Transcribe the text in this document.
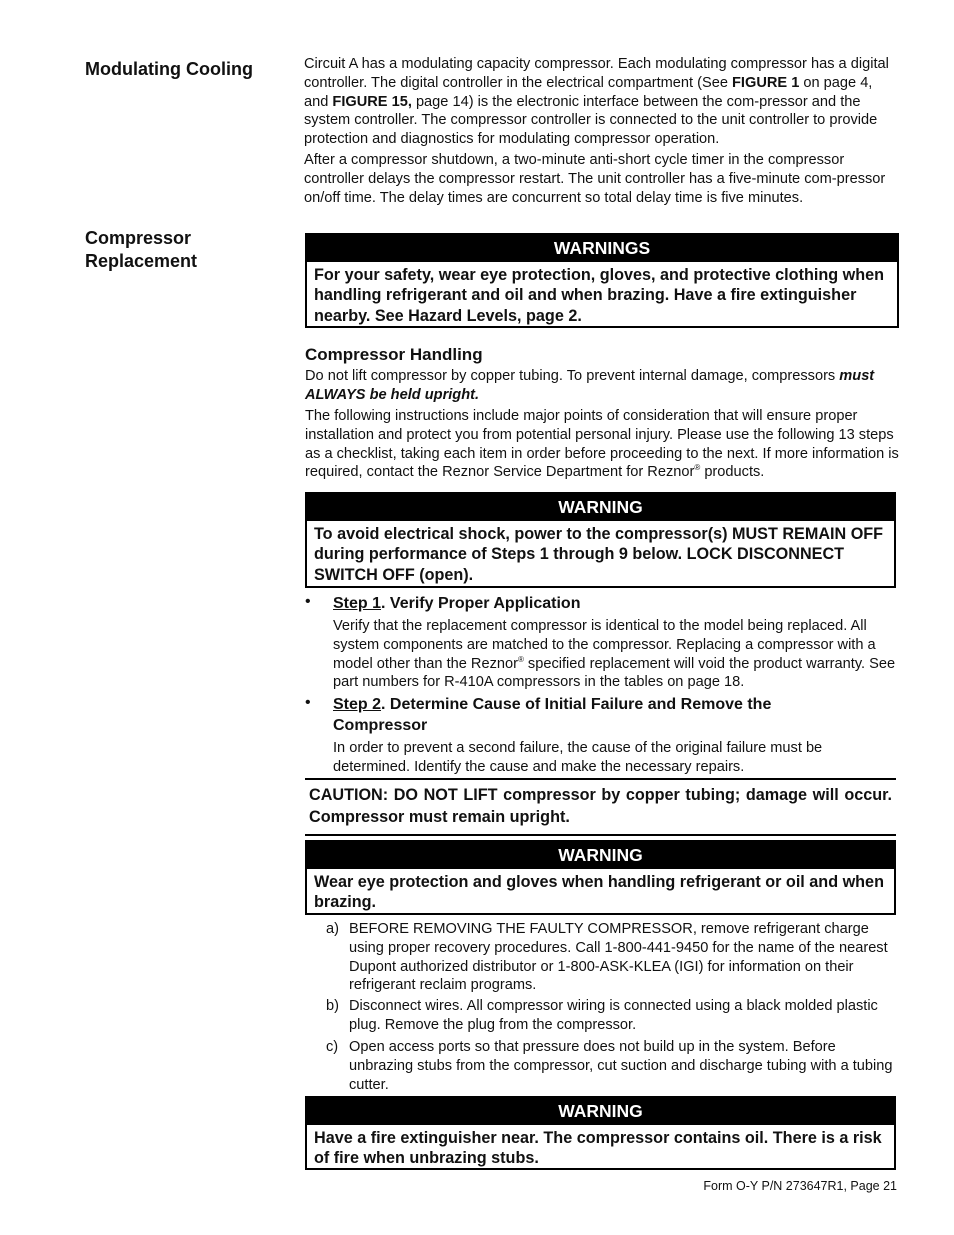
Modulating Cooling	Circuit A has a modulating capacity compressor. Each modulating compressor has a digital controller. The digital controller in the electrical compartment (See FIGURE 1 on page 4, and FIGURE 15, page 14) is the electronic interface between the com-pressor and the system controller. The compressor controller is connected to the unit controller to provide protection and diagnostics for modulating compressor operation.
After a compressor shutdown, a two-minute anti-short cycle timer in the compressor controller delays the compressor restart. The unit controller has a five-minute com-pressor on/off time. The delay times are concurrent so total delay time is five minutes.
Compressor
Replacement
WARNINGS
For your safety, wear eye protection, gloves, and protective clothing when handling refrigerant and oil and when brazing. Have a fire extinguisher nearby. See Hazard Levels, page 2.
Compressor Handling
Do not lift compressor by copper tubing. To prevent internal damage, compressors must ALWAYS be held upright.
The following instructions include major points of consideration that will ensure proper installation and protect you from potential personal injury. Please use the following 13 steps as a checklist, taking each item in order before proceeding to the next. If more information is required, contact the Reznor Service Department for Reznor® products.
WARNING
To avoid electrical shock, power to the compressor(s) MUST REMAIN OFF during performance of Steps 1 through 9 below. LOCK DISCONNECT SWITCH OFF (open).
• Step 1. Verify Proper Application
Verify that the replacement compressor is identical to the model being replaced. All system components are matched to the compressor. Replacing a compressor with a model other than the Reznor® specified replacement will void the product warranty. See part numbers for R-410A compressors in the tables on page 18.
• Step 2. Determine Cause of Initial Failure and Remove the Compressor
In order to prevent a second failure, the cause of the original failure must be determined. Identify the cause and make the necessary repairs.
CAUTION: DO NOT LIFT compressor by copper tubing; damage will occur. Compressor must remain upright.
WARNING
Wear eye protection and gloves when handling refrigerant or oil and when brazing.
a) BEFORE REMOVING THE FAULTY COMPRESSOR, remove refrigerant charge using proper recovery procedures. Call 1-800-441-9450 for the name of the nearest Dupont authorized distributor or 1-800-ASK-KLEA (IGI) for information on their refrigerant reclaim programs.
b) Disconnect wires. All compressor wiring is connected using a black molded plastic plug. Remove the plug from the compressor.
c) Open access ports so that pressure does not build up in the system. Before unbrazing stubs from the compressor, cut suction and discharge tubing with a tubing cutter.
WARNING
Have a fire extinguisher near. The compressor contains oil. There is a risk of fire when unbrazing stubs.
Form O-Y P/N 273647R1, Page 21
